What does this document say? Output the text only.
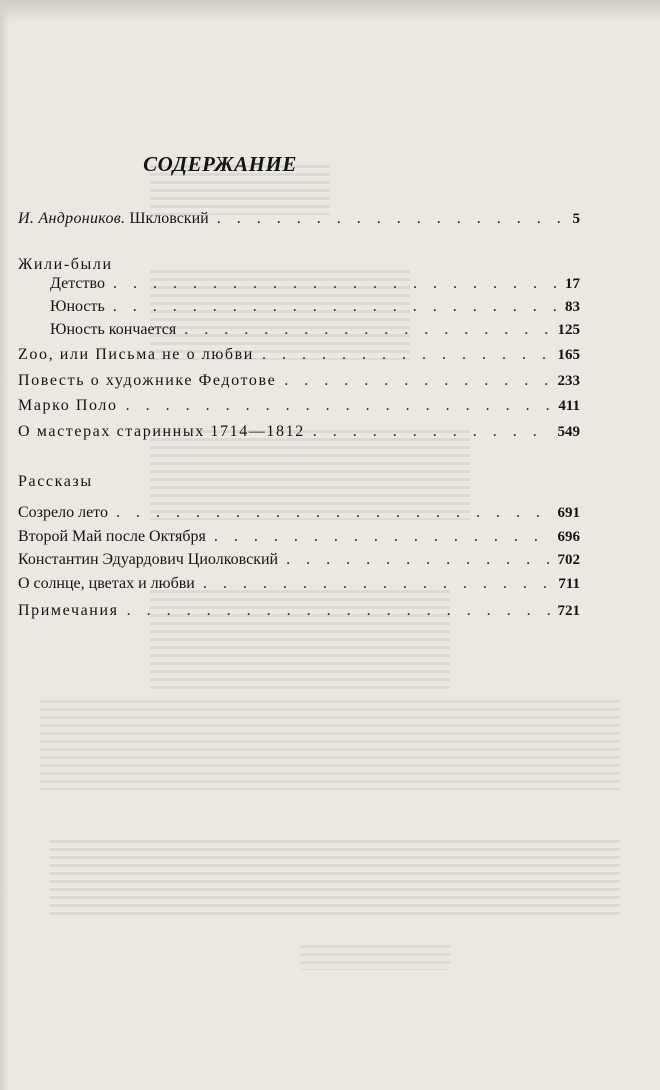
СОДЕРЖАНИЕ
И. Андроников. Шкловский . . .	5
Жили-были
Детство . . .	17
Юность . . .	83
Юность кончается . . .	125
Zoo, или Письма не о любви . . .	165
Повесть о художнике Федотове . . .	233
Марко Поло . . .	411
О мастерах старинных 1714—1812 . . .	549
Рассказы
Созрело лето . . .	691
Второй Май после Октября . . .	696
Константин Эдуардович Циолковский . . .	702
О солнце, цветах и любви . . .	711
Примечания . . .	721
